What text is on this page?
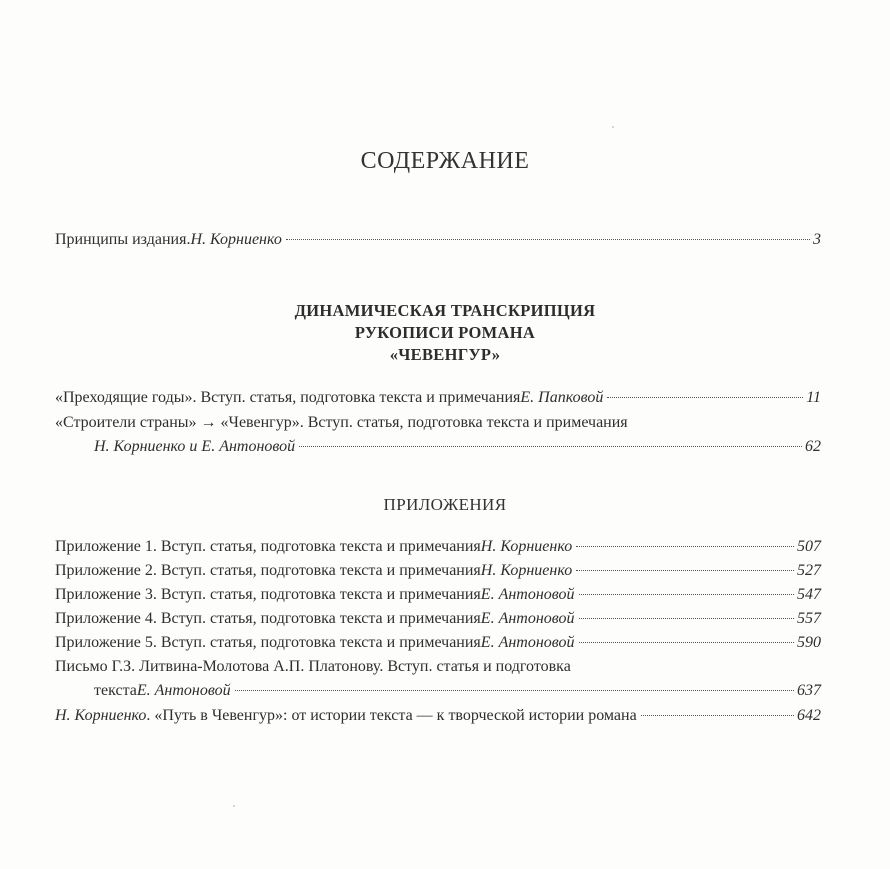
СОДЕРЖАНИЕ
Принципы издания. Н. Корниенко	3
ДИНАМИЧЕСКАЯ ТРАНСКРИПЦИЯ
РУКОПИСИ РОМАНА
«ЧЕВЕНГУР»
«Преходящие годы». Вступ. статья, подготовка текста и примечания Е. Папковой	11
«Строители страны» → «Чевенгур». Вступ. статья, подготовка текста и примечания
Н. Корниенко и Е. Антоновой	62
ПРИЛОЖЕНИЯ
Приложение 1. Вступ. статья, подготовка текста и примечания Н. Корниенко	507
Приложение 2. Вступ. статья, подготовка текста и примечания Н. Корниенко	527
Приложение 3. Вступ. статья, подготовка текста и примечания Е. Антоновой	547
Приложение 4. Вступ. статья, подготовка текста и примечания Е. Антоновой	557
Приложение 5. Вступ. статья, подготовка текста и примечания Е. Антоновой	590
Письмо Г.З. Литвина-Молотова А.П. Платонову. Вступ. статья и подготовка
текста Е. Антоновой	637
Н. Корниенко . «Путь в Чевенгур»: от истории текста — к творческой истории романа	642
